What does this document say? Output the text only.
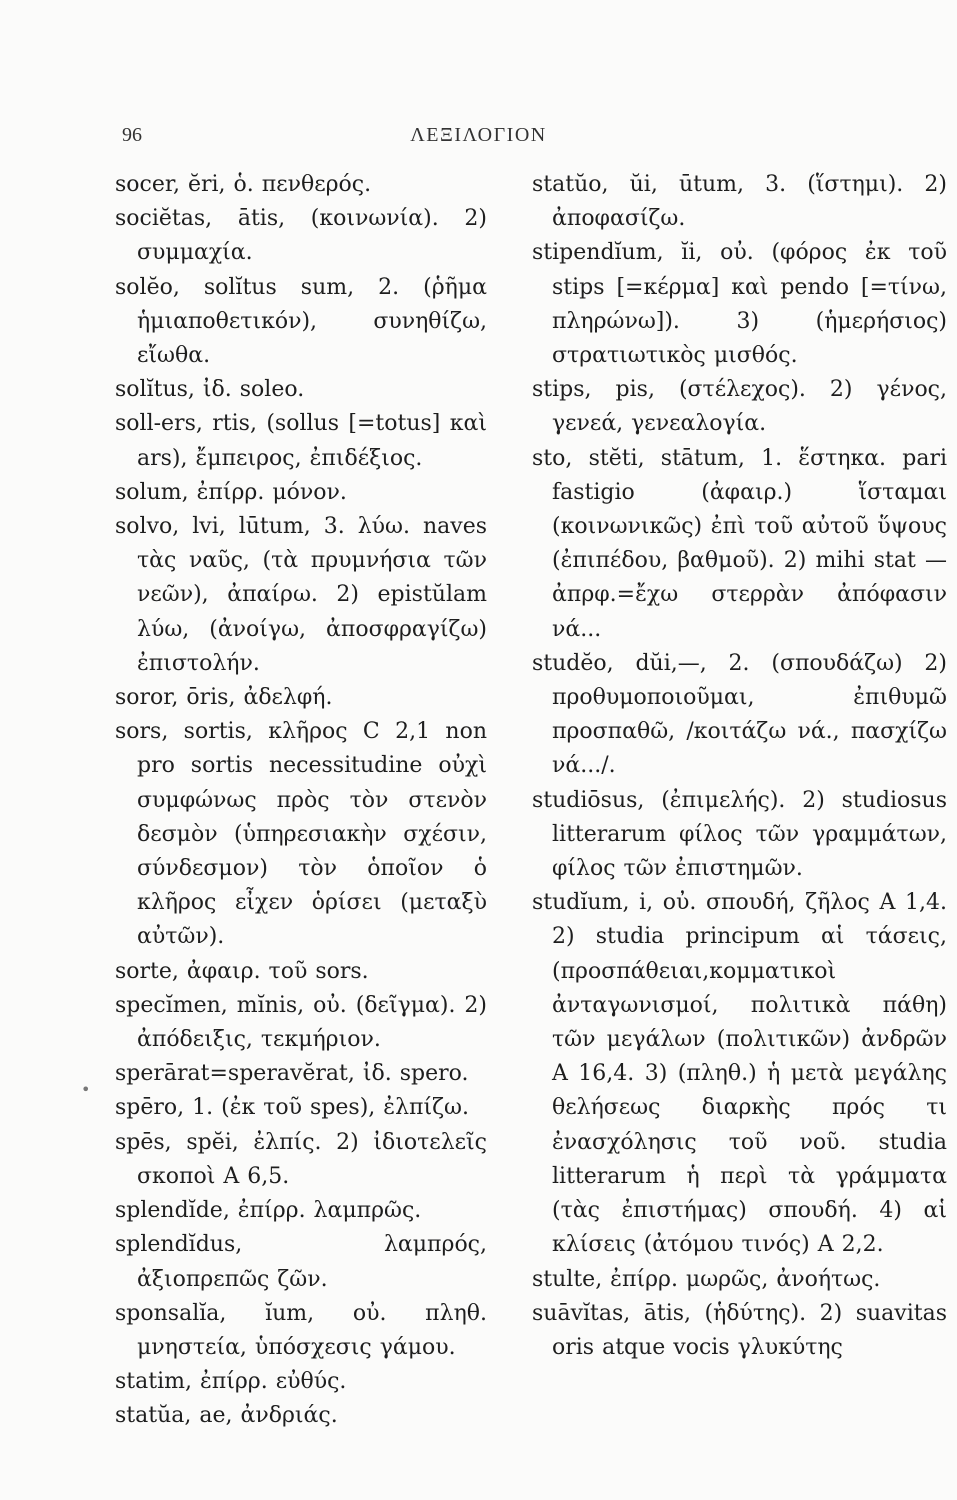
96	ΛΕΞΙΛΟΓΙΟΝ
socer, ĕri, ὁ. πενθερός.
sociĕtas, ātis, (κοινωνία). 2) συμμαχία.
solĕo, solĭtus sum, 2. (ῥῆμα ἡμιαποθετικόν), συνηθίζω, εἴωθα.
solĭtus, ἰδ. soleo.
soll-ers, rtis, (sollus [=totus] καὶ ars), ἔμπειρος, ἐπιδέξιος.
solum, ἐπίρρ. μόνον.
solvo, lvi, lūtum, 3. λύω. naves τὰς ναῦς, (τὰ πρυμνήσια τῶν νεῶν), ἀπαίρω. 2) epistŭlam λύω, (ἀνοίγω, ἀποσφραγίζω) ἐπιστολήν.
soror, ōris, ἀδελφή.
sors, sortis, κλῆρος C 2,1 non pro sortis necessitudine οὐχὶ συμφώνως πρὸς τὸν στενὸν δεσμὸν (ὑπηρεσιακὴν σχέσιν, σύνδεσμον) τὸν ὁποῖον ὁ κλῆρος εἶχεν ὁρίσει (μεταξὺ αὐτῶν).
sorte, ἀφαιρ. τοῦ sors.
specĭmen, mĭnis, οὐ. (δεῖγμα). 2) ἀπόδειξις, τεκμήριον.
sperārat=speravĕrat, ἰδ. spero.
spēro, 1. (ἐκ τοῦ spes), ἐλπίζω.
spēs, spĕi, ἐλπίς. 2) ἰδιοτελεῖς σκοποὶ Α 6,5.
splendĭde, ἐπίρρ. λαμπρῶς.
splendĭdus, λαμπρός, ἀξιοπρεπῶς ζῶν.
sponsalĭa, ĭum, οὐ. πληθ. μνηστεία, ὑπόσχεσις γάμου.
statim, ἐπίρρ. εὐθύς.
statŭa, ae, ἀνδριάς.
statŭo, ŭi, ūtum, 3. (ἵστημι). 2) ἀποφασίζω.
stipendĭum, ĭi, οὐ. (φόρος ἐκ τοῦ stips [=κέρμα] καὶ pendo [=τίνω, πληρώνω]). 3) (ἡμερήσιος) στρατιωτικὸς μισθός.
stips, pis, (στέλεχος). 2) γένος, γενεά, γενεαλογία.
sto, stĕti, stātum, 1. ἕστηκα. pari fastigio (ἀφαιρ.) ἵσταμαι (κοινωνικῶς) ἐπὶ τοῦ αὐτοῦ ὕψους (ἐπιπέδου, βαθμοῦ). 2) mihi stat —ἀπρφ.=ἔχω στερρὰν ἀπόφασιν νά...
studĕo, dŭi,—, 2. (σπουδάζω) 2) προθυμοποιοῦμαι, ἐπιθυμῶ προσπαθῶ, /κοιτάζω νά., πασχίζω νά.../.
studiōsus, (ἐπιμελής). 2) studiosus litterarum φίλος τῶν γραμμάτων, φίλος τῶν ἐπιστημῶν.
studĭum, i, οὐ. σπουδή, ζῆλος Α 1,4. 2) studia principum αἱ τάσεις,(προσπάθειαι,κομματικοὶ ἀνταγωνισμοί, πολιτικὰ πάθη) τῶν μεγάλων (πολιτικῶν) ἀνδρῶν Α 16,4. 3) (πληθ.) ἡ μετὰ μεγάλης θελήσεως διαρκὴς πρός τι ἐνασχόλησις τοῦ νοῦ. studia litterarum ἡ περὶ τὰ γράμματα (τὰς ἐπιστήμας) σπουδή. 4) αἱ κλίσεις (ἀτόμου τινός) Α 2,2.
stulte, ἐπίρρ. μωρῶς, ἀνοήτως.
suāvĭtas, ātis, (ἡδύτης). 2) suavitas oris atque vocis γλυκύτης
•
